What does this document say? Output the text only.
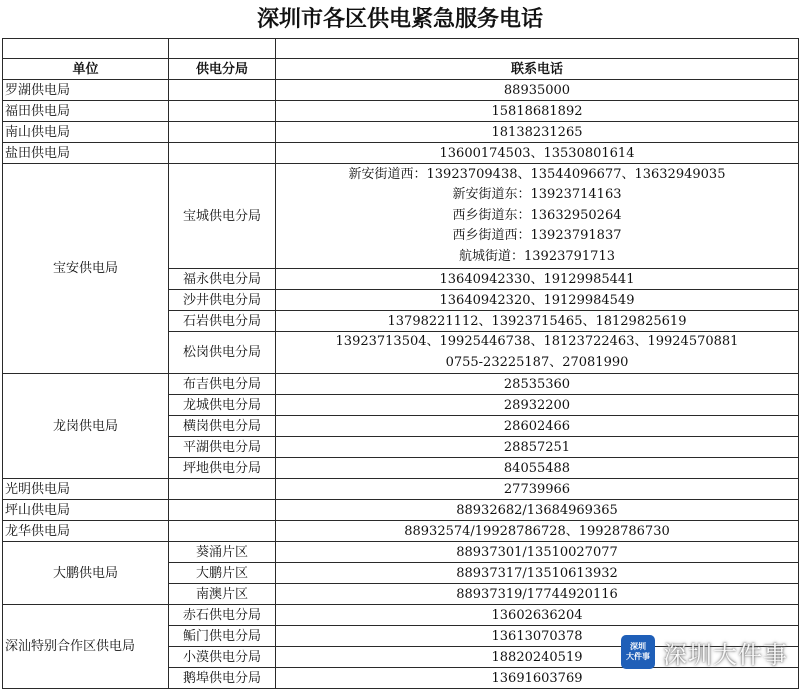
深圳市各区供电紧急服务电话

单位	供电分局	联系电话
罗湖供电局		88935000
福田供电局		15818681892
南山供电局		18138231265
盐田供电局		13600174503、13530801614
宝安供电局	宝城供电分局	新安街道西：13923709438、13544096677、13632949035
新安街道东：13923714163
西乡街道东：13632950264
西乡街道西：13923791837
航城街道：13923791713

	福永供电分局	13640942330、19129985441
	沙井供电分局	13640942320、19129984549
	石岩供电分局	13798221112、13923715465、18129825619
	松岗供电分局	13923713504、19925446738、18123722463、19924570881
0755-23225187、27081990

龙岗供电局	布吉供电分局	28535360
	龙城供电分局	28932200
	横岗供电分局	28602466
	平湖供电分局	28857251
	坪地供电分局	84055488
光明供电局		27739966
坪山供电局		88932682/13684969365
龙华供电局		88932574/19928786728、19928786730
大鹏供电局	葵涌片区	88937301/13510027077
	大鹏片区	88937317/13510613932
	南澳片区	88937319/17744920116
深汕特别合作区供电局	赤石供电分局	13602636204
	鲘门供电分局	13613070378
	小漠供电分局	18820240519
	鹅埠供电分局	13691603769
深圳
大件事 深圳大件事
